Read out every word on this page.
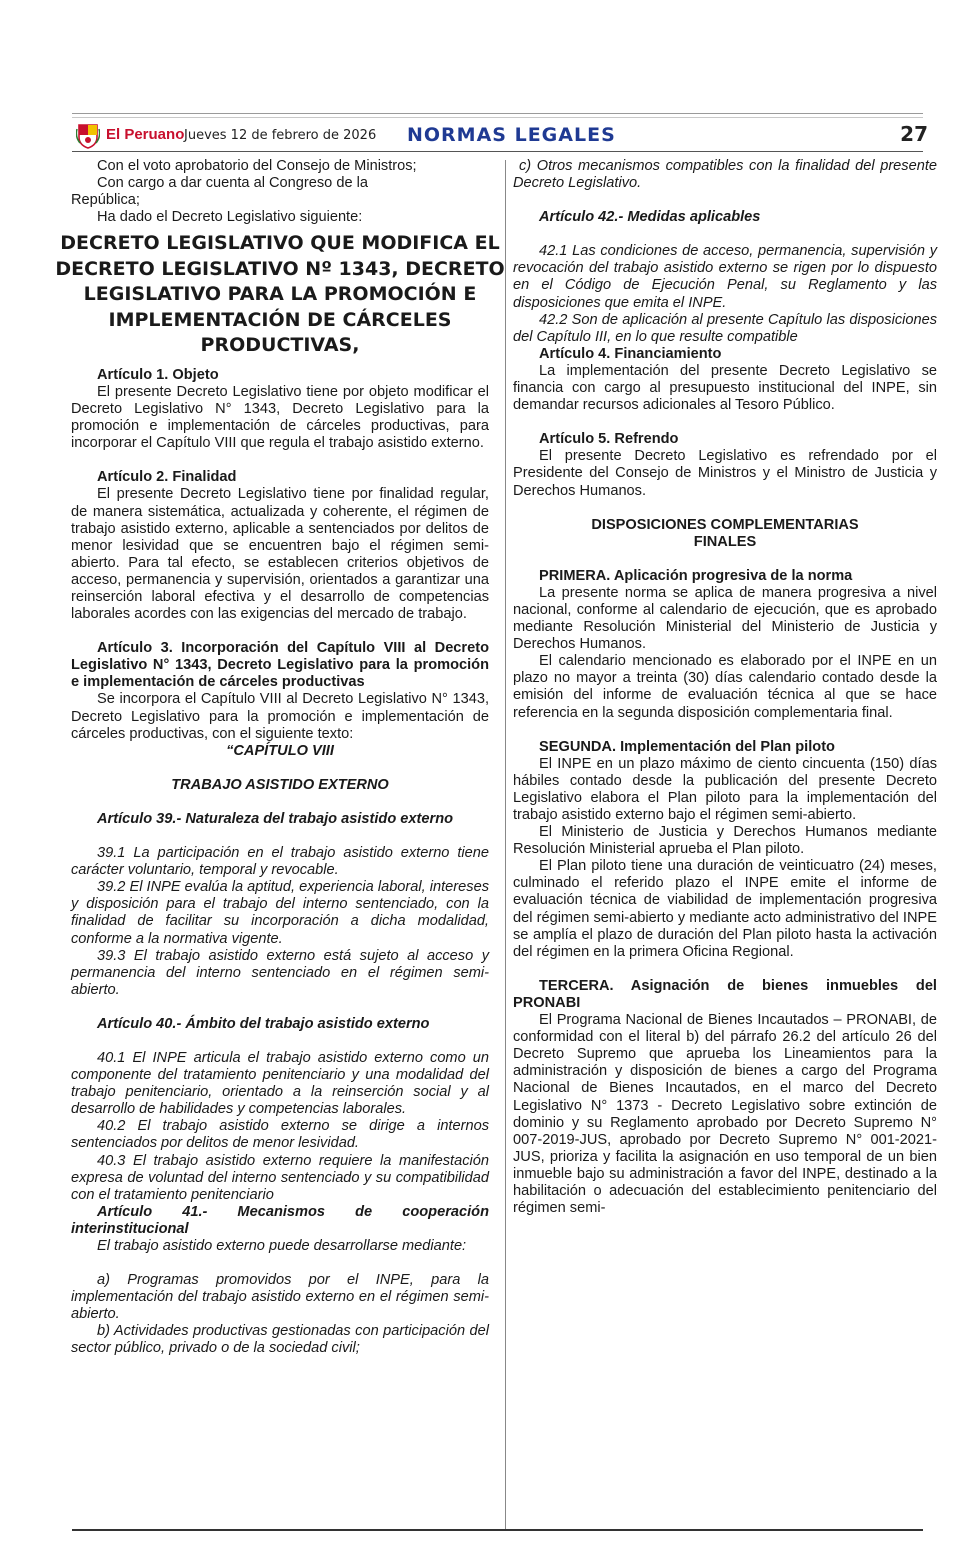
El Peruano Jueves 12 de febrero de 2026 NORMAS LEGALES	27

Con el voto aprobatorio del Consejo de Ministros;

Con cargo a dar cuenta al Congreso de la República;

Ha dado el Decreto Legislativo siguiente:

DECRETO LEGISLATIVO QUE MODIFICA EL DECRETO LEGISLATIVO Nº 1343, DECRETO LEGISLATIVO PARA LA PROMOCIÓN E IMPLEMENTACIÓN DE CÁRCELES PRODUCTIVAS,

Artículo 1. Objeto

El presente Decreto Legislativo tiene por objeto modificar el Decreto Legislativo N° 1343, Decreto Legislativo para la promoción e implementación de cárceles productivas, para incorporar el Capítulo VIII que regula el trabajo asistido externo.

Artículo 2. Finalidad

El presente Decreto Legislativo tiene por finalidad regular, de manera sistemática, actualizada y coherente, el régimen de trabajo asistido externo, aplicable a sentenciados por delitos de menor lesividad que se encuentren bajo el régimen semi-abierto. Para tal efecto, se establecen criterios objetivos de acceso, permanencia y supervisión, orientados a garantizar una reinserción laboral efectiva y el desarrollo de competencias laborales acordes con las exigencias del mercado de trabajo.

Artículo 3. Incorporación del Capítulo VIII al Decreto Legislativo N° 1343, Decreto Legislativo para la promoción e implementación de cárceles productivas

Se incorpora el Capítulo VIII al Decreto Legislativo N° 1343, Decreto Legislativo para la promoción e implementación de cárceles productivas, con el siguiente texto:

“CAPÍTULO VIII

TRABAJO ASISTIDO EXTERNO

Artículo 39.- Naturaleza del trabajo asistido externo

39.1 La participación en el trabajo asistido externo tiene carácter voluntario, temporal y revocable.

39.2 El INPE evalúa la aptitud, experiencia laboral, intereses y disposición para el trabajo del interno sentenciado, con la finalidad de facilitar su incorporación a dicha modalidad, conforme a la normativa vigente.

39.3 El trabajo asistido externo está sujeto al acceso y permanencia del interno sentenciado en el régimen semi-abierto.

Artículo 40.- Ámbito del trabajo asistido externo

40.1 El INPE articula el trabajo asistido externo como un componente del tratamiento penitenciario y una modalidad del trabajo penitenciario, orientado a la reinserción social y al desarrollo de habilidades y competencias laborales.

40.2 El trabajo asistido externo se dirige a internos sentenciados por delitos de menor lesividad.

40.3 El trabajo asistido externo requiere la manifestación expresa de voluntad del interno sentenciado y su compatibilidad con el tratamiento penitenciario

Artículo 41.- Mecanismos de cooperación interinstitucional

El trabajo asistido externo puede desarrollarse mediante:

a) Programas promovidos por el INPE, para la implementación del trabajo asistido externo en el régimen semi-abierto.

b) Actividades productivas gestionadas con participación del sector público, privado o de la sociedad civil;

c) Otros mecanismos compatibles con la finalidad del presente Decreto Legislativo.

Artículo 42.- Medidas aplicables

42.1 Las condiciones de acceso, permanencia, supervisión y revocación del trabajo asistido externo se rigen por lo dispuesto en el Código de Ejecución Penal, su Reglamento y las disposiciones que emita el INPE.

42.2 Son de aplicación al presente Capítulo las disposiciones del Capítulo III, en lo que resulte compatible

Artículo 4. Financiamiento

La implementación del presente Decreto Legislativo se financia con cargo al presupuesto institucional del INPE, sin demandar recursos adicionales al Tesoro Público.

Artículo 5. Refrendo

El presente Decreto Legislativo es refrendado por el Presidente del Consejo de Ministros y el Ministro de Justicia y Derechos Humanos.

DISPOSICIONES COMPLEMENTARIAS FINALES

PRIMERA. Aplicación progresiva de la norma

La presente norma se aplica de manera progresiva a nivel nacional, conforme al calendario de ejecución, que es aprobado mediante Resolución Ministerial del Ministerio de Justicia y Derechos Humanos.

El calendario mencionado es elaborado por el INPE en un plazo no mayor a treinta (30) días calendario contado desde la emisión del informe de evaluación técnica al que se hace referencia en la segunda disposición complementaria final.

SEGUNDA. Implementación del Plan piloto

El INPE en un plazo máximo de ciento cincuenta (150) días hábiles contado desde la publicación del presente Decreto Legislativo elabora el Plan piloto para la implementación del trabajo asistido externo bajo el régimen semi-abierto.

El Ministerio de Justicia y Derechos Humanos mediante Resolución Ministerial aprueba el Plan piloto.

El Plan piloto tiene una duración de veinticuatro (24) meses, culminado el referido plazo el INPE emite el informe de evaluación técnica de viabilidad de implementación progresiva del régimen semi-abierto y mediante acto administrativo del INPE se amplía el plazo de duración del Plan piloto hasta la activación del régimen en la primera Oficina Regional.

TERCERA. Asignación de bienes inmuebles del PRONABI

El Programa Nacional de Bienes Incautados – PRONABI, de conformidad con el literal b) del párrafo 26.2 del artículo 26 del Decreto Supremo que aprueba los Lineamientos para la administración y disposición de bienes a cargo del Programa Nacional de Bienes Incautados, en el marco del Decreto Legislativo N° 1373 - Decreto Legislativo sobre extinción de dominio y su Reglamento aprobado por Decreto Supremo N° 007-2019-JUS, aprobado por Decreto Supremo N° 001-2021-JUS, prioriza y facilita la asignación en uso temporal de un bien inmueble bajo su administración a favor del INPE, destinado a la habilitación o adecuación del establecimiento penitenciario del régimen semi-
